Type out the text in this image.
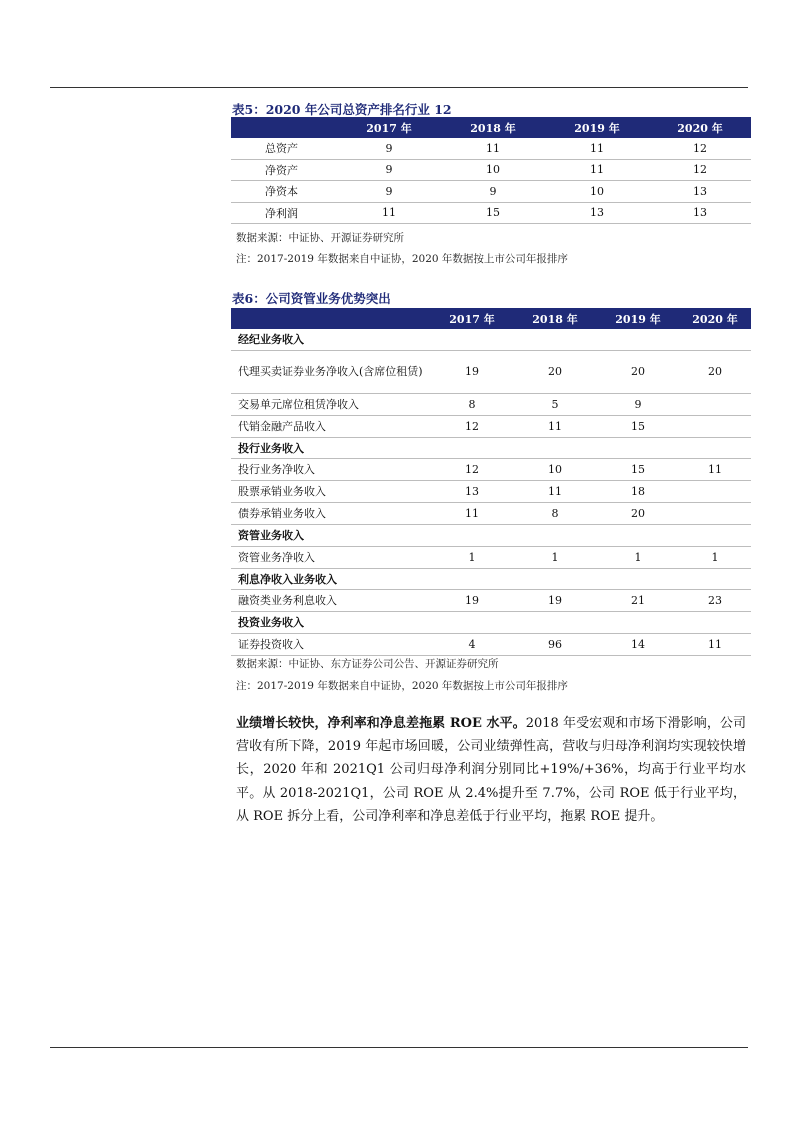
表5：2020 年公司总资产排名行业 12
	2017 年	2018 年	2019 年	2020 年
总资产	9	11	11	12
净资产	9	10	11	12
净资本	9	9	10	13
净利润	11	15	13	13
数据来源：中证协、开源证券研究所
注：2017-2019 年数据来自中证协，2020 年数据按上市公司年报排序
表6：公司资管业务优势突出
	2017 年	2018 年	2019 年	2020 年
经纪业务收入				
代理买卖证券业务净收入(含席位租赁)	19	20	20	20
交易单元席位租赁净收入	8	5	9	
代销金融产品收入	12	11	15	
投行业务收入				
投行业务净收入	12	10	15	11
股票承销业务收入	13	11	18	
债券承销业务收入	11	8	20	
资管业务收入				
资管业务净收入	1	1	1	1
利息净收入业务收入				
融资类业务利息收入	19	19	21	23
投资业务收入				
证券投资收入	4	96	14	11
数据来源：中证协、东方证券公司公告、开源证券研究所
注：2017-2019 年数据来自中证协，2020 年数据按上市公司年报排序
业绩增长较快，净利率和净息差拖累 ROE 水平。2018 年受宏观和市场下滑影响，公司营收有所下降，2019 年起市场回暖，公司业绩弹性高，营收与归母净利润均实现较快增长，2020 年和 2021Q1 公司归母净利润分别同比+19%/+36%，均高于行业平均水平。从 2018-2021Q1，公司 ROE 从 2.4%提升至 7.7%，公司 ROE 低于行业平均，从 ROE 拆分上看，公司净利率和净息差低于行业平均，拖累 ROE 提升。
